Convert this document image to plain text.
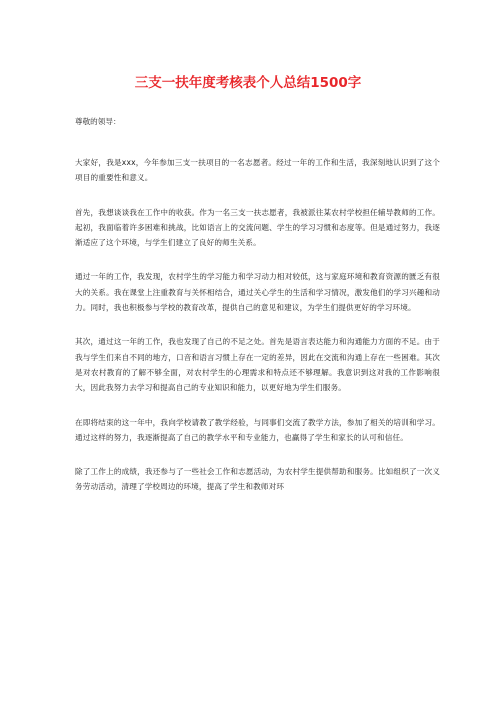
三支一扶年度考核表个人总结1500字

尊敬的领导：

大家好，我是xxx，今年参加三支一扶项目的一名志愿者。经过一年的工作和生活，我深刻地认识到了这个项目的重要性和意义。

首先，我想谈谈我在工作中的收获。作为一名三支一扶志愿者，我被派往某农村学校担任辅导教师的工作。起初，我面临着许多困难和挑战，比如语言上的交流问题、学生的学习习惯和态度等。但是通过努力，我逐渐适应了这个环境，与学生们建立了良好的师生关系。

通过一年的工作，我发现，农村学生的学习能力和学习动力相对较低，这与家庭环境和教育资源的匮乏有很大的关系。我在课堂上注重教育与关怀相结合，通过关心学生的生活和学习情况，激发他们的学习兴趣和动力。同时，我也积极参与学校的教育改革，提供自己的意见和建议，为学生们提供更好的学习环境。

其次，通过这一年的工作，我也发现了自己的不足之处。首先是语言表达能力和沟通能力方面的不足。由于我与学生们来自不同的地方，口音和语言习惯上存在一定的差异，因此在交流和沟通上存在一些困难。其次是对农村教育的了解不够全面，对农村学生的心理需求和特点还不够理解。我意识到这对我的工作影响很大，因此我努力去学习和提高自己的专业知识和能力，以更好地为学生们服务。

在即将结束的这一年中，我向学校请教了教学经验，与同事们交流了教学方法，参加了相关的培训和学习。通过这样的努力，我逐渐提高了自己的教学水平和专业能力，也赢得了学生和家长的认可和信任。

除了工作上的成绩，我还参与了一些社会工作和志愿活动，为农村学生提供帮助和服务。比如组织了一次义务劳动活动，清理了学校周边的环境，提高了学生和教师对环
